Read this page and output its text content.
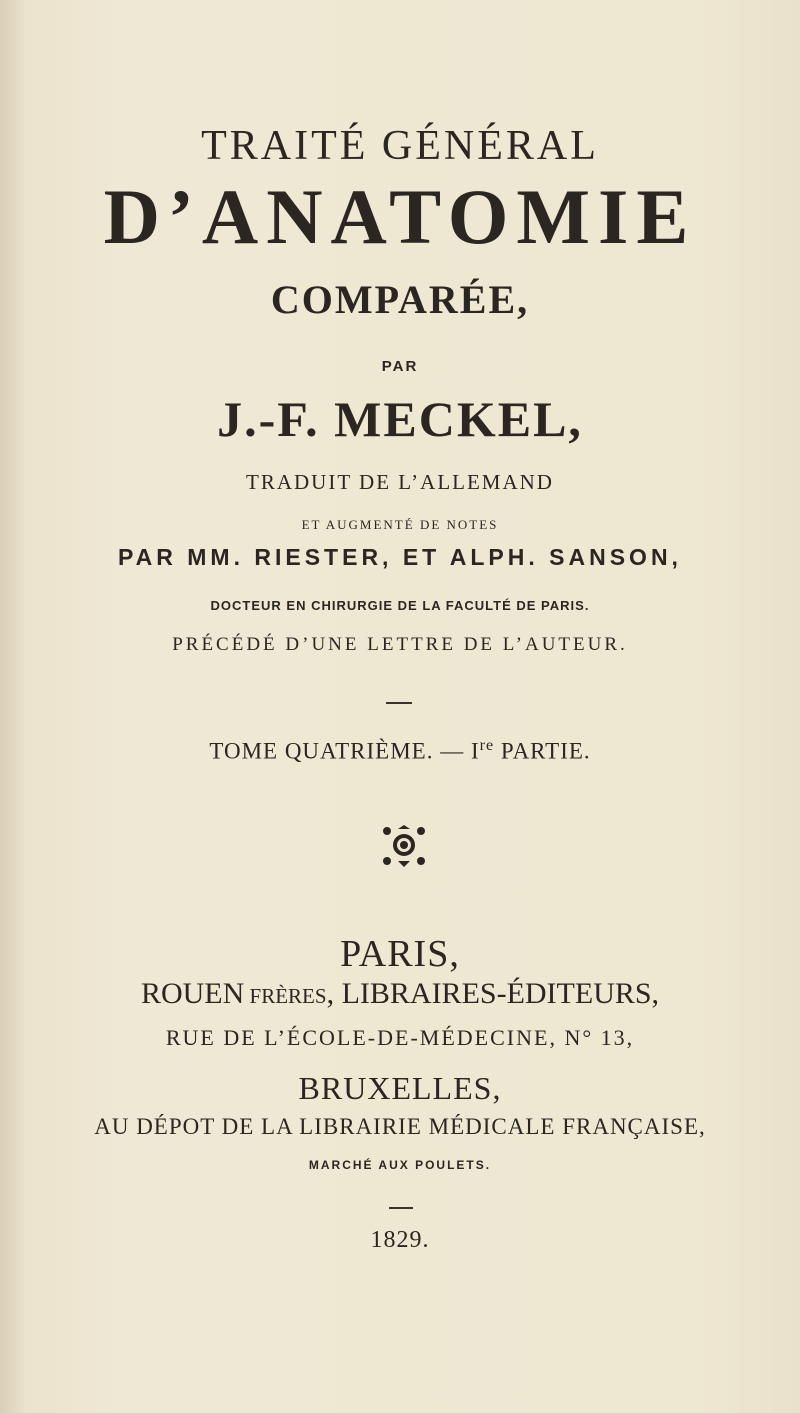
TRAITÉ GÉNÉRAL

D’ANATOMIE

COMPARÉE,

PAR

J.-F. MECKEL,

TRADUIT DE L’ALLEMAND

ET AUGMENTÉ DE NOTES

PAR MM. RIESTER, ET ALPH. SANSON,

DOCTEUR EN CHIRURGIE DE LA FACULTÉ DE PARIS.

PRÉCÉDÉ D’UNE LETTRE DE L’AUTEUR.

TOME QUATRIÈME. — Ire PARTIE.

PARIS,

ROUEN FRÈRES, LIBRAIRES-ÉDITEURS,

RUE DE L’ÉCOLE-DE-MÉDECINE, N° 13,

BRUXELLES,

AU DÉPOT DE LA LIBRAIRIE MÉDICALE FRANÇAISE,

MARCHÉ AUX POULETS.

1829.
